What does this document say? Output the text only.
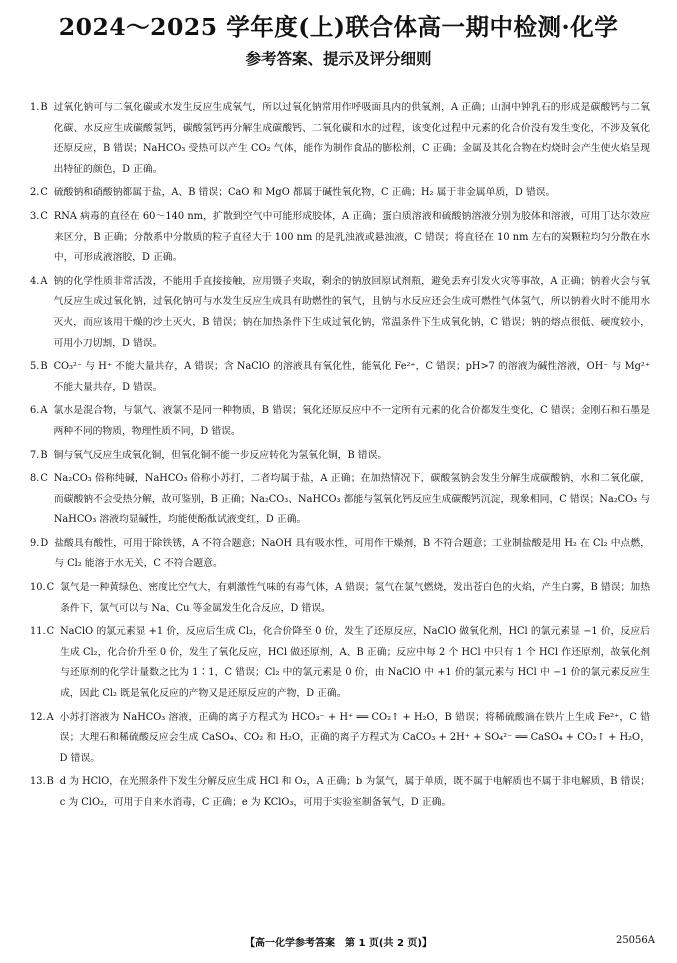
2024～2025 学年度(上)联合体高一期中检测·化学
参考答案、提示及评分细则
1. B 过氧化钠可与二氧化碳或水发生反应生成氧气，所以过氧化钠常用作呼吸面具内的供氧剂，A 正确；山洞中钟乳石的形成是碳酸钙与二氧化碳、水反应生成碳酸氢钙，碳酸氢钙再分解生成碳酸钙、二氧化碳和水的过程，该变化过程中元素的化合价没有发生变化，不涉及氧化还原反应，B 错误；NaHCO₃ 受热可以产生 CO₂ 气体，能作为制作食品的膨松剂，C 正确；金属及其化合物在灼烧时会产生使火焰呈现出特征的颜色，D 正确。
2. C 硫酸钠和硝酸钠都属于盐，A、B 错误；CaO 和 MgO 都属于碱性氧化物，C 正确；H₂ 属于非金属单质，D 错误。
3. C RNA 病毒的直径在 60～140 nm，扩散到空气中可能形成胶体，A 正确；蛋白质溶液和硫酸钠溶液分别为胶体和溶液，可用丁达尔效应来区分，B 正确；分散系中分散质的粒子直径大于 100 nm 的是乳浊液或悬浊液，C 错误；将直径在 10 nm 左右的炭颗粒均匀分散在水中，可形成液溶胶，D 正确。
4. A 钠的化学性质非常活泼，不能用手直接接触，应用镊子夹取，剩余的钠放回原试剂瓶，避免丢弃引发火灾等事故，A 正确；钠着火会与氧气反应生成过氧化钠，过氧化钠可与水发生反应生成具有助燃性的氧气，且钠与水反应还会生成可燃性气体氢气，所以钠着火时不能用水灭火，而应该用干燥的沙土灭火，B 错误；钠在加热条件下生成过氧化钠，常温条件下生成氧化钠，C 错误；钠的熔点很低、硬度较小，可用小刀切割，D 错误。
5. B CO₃²⁻ 与 H⁺ 不能大量共存，A 错误；含 NaClO 的溶液具有氧化性，能氧化 Fe²⁺，C 错误；pH>7 的溶液为碱性溶液，OH⁻ 与 Mg²⁺ 不能大量共存，D 错误。
6. A 氯水是混合物，与氯气、液氯不是同一种物质，B 错误；氧化还原反应中不一定所有元素的化合价都发生变化，C 错误；金刚石和石墨是两种不同的物质，物理性质不同，D 错误。
7. B 铜与氧气反应生成氧化铜，但氧化铜不能一步反应转化为氢氧化铜，B 错误。
8. C Na₂CO₃ 俗称纯碱，NaHCO₃ 俗称小苏打，二者均属于盐，A 正确；在加热情况下，碳酸氢钠会发生分解生成碳酸钠，水和二氧化碳，而碳酸钠不会受热分解，故可鉴别，B 正确；Na₂CO₃、NaHCO₃ 都能与氢氧化钙反应生成碳酸钙沉淀，现象相同，C 错误；Na₂CO₃ 与 NaHCO₃ 溶液均显碱性，均能使酚酞试液变红，D 正确。
9. D 盐酸具有酸性，可用于除铁锈，A 不符合题意；NaOH 具有吸水性，可用作干燥剂，B 不符合题意；工业制盐酸是用 H₂ 在 Cl₂ 中点燃，与 Cl₂ 能溶于水无关，C 不符合题意。
10. C 氯气是一种黄绿色、密度比空气大，有刺激性气味的有毒气体，A 错误；氢气在氯气燃烧，发出苍白色的火焰，产生白雾，B 错误；加热条件下，氯气可以与 Na、Cu 等金属发生化合反应，D 错误。
11. C NaClO 的氯元素显 +1 价，反应后生成 Cl₂，化合价降至 0 价，发生了还原反应，NaClO 做氧化剂，HCl 的氯元素显 −1 价，反应后生成 Cl₂，化合价升至 0 价，发生了氧化反应，HCl 做还原剂，A、B 正确；反应中每 2 个 HCl 中只有 1 个 HCl 作还原剂，故氧化剂与还原剂的化学计量数之比为 1∶1，C 错误；Cl₂ 中的氯元素是 0 价，由 NaClO 中 +1 价的氯元素与 HCl 中 −1 价的氯元素反应生成，因此 Cl₂ 既是氧化反应的产物又是还原反应的产物，D 正确。
12. A 小苏打溶液为 NaHCO₃ 溶液，正确的离子方程式为 HCO₃⁻ + H⁺ ══ CO₂↑ + H₂O，B 错误；将稀硫酸滴在铁片上生成 Fe²⁺，C 错误；大理石和稀硫酸反应会生成 CaSO₄、CO₂ 和 H₂O，正确的离子方程式为 CaCO₃ + 2H⁺ + SO₄²⁻ ══ CaSO₄ + CO₂↑ + H₂O，D 错误。
13. B d 为 HClO，在光照条件下发生分解反应生成 HCl 和 O₂，A 正确；b 为氯气，属于单质，既不属于电解质也不属于非电解质，B 错误；c 为 ClO₂，可用于自来水消毒，C 正确；e 为 KClO₃，可用于实验室制备氧气，D 正确。
【高一化学参考答案　第 1 页(共 2 页)】	25056A
